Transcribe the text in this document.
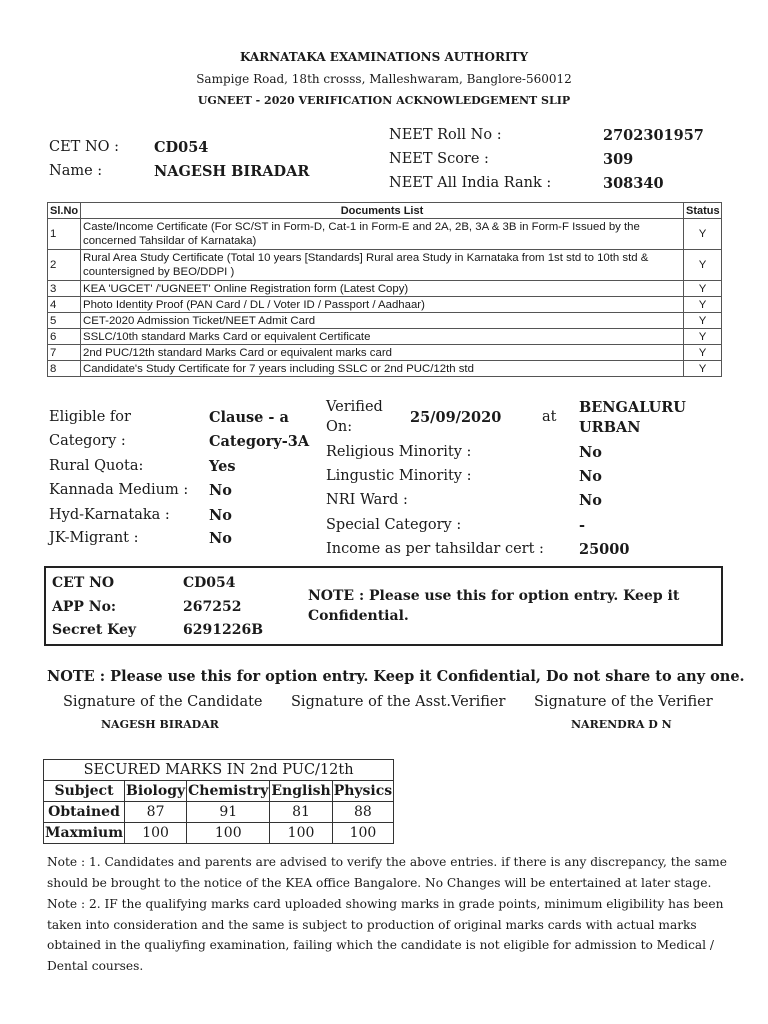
KARNATAKA EXAMINATIONS AUTHORITY
Sampige Road, 18th crosss, Malleshwaram, Banglore-560012
UGNEET - 2020 VERIFICATION ACKNOWLEDGEMENT SLIP
CET NO : CD054
Name :	NAGESH BIRADAR
NEET Roll No :	2702301957
NEET Score :	309
NEET All India Rank :	308340
Sl.No	Documents List	Status
1	Caste/Income Certificate (For SC/ST in Form-D, Cat-1 in Form-E and 2A, 2B, 3A & 3B in Form-F Issued by the concerned Tahsildar of Karnataka)	Y
2	Rural Area Study Certificate (Total 10 years [Standards] Rural area Study in Karnataka from 1st std to 10th std & countersigned by BEO/DDPI )	Y
3	KEA 'UGCET' /'UGNEET' Online Registration form (Latest Copy)	Y
4	Photo Identity Proof (PAN Card / DL / Voter ID / Passport / Aadhaar)	Y
5	CET-2020 Admission Ticket/NEET Admit Card	Y
6	SSLC/10th standard Marks Card or equivalent Certificate	Y
7	2nd PUC/12th standard Marks Card or equivalent marks card	Y
8	Candidate's Study Certificate for 7 years including SSLC or 2nd PUC/12th std	Y
Eligible for	Clause - a
Category :	Category-3A
Rural Quota:	Yes
Kannada Medium : No
Hyd-Karnataka :	No
JK-Migrant :	No
Verified
On:
25/09/2020	at
BENGALURU
URBAN
Religious Minority :	No
Lingustic Minority :	No
NRI Ward :	No
Special Category :	-
Income as per tahsildar cert : 25000
CET NO	CD054
APP No:	267252
Secret Key	6291226B
NOTE : Please use this for option entry. Keep it
Confidential.
NOTE : Please use this for option entry. Keep it Confidential, Do not share to any one.
Signature of the Candidate Signature of the Asst.Verifier Signature of the Verifier
NAGESH BIRADAR	NARENDRA D N
SECURED MARKS IN 2nd PUC/12th				
Subject	Biology	Chemistry	English	Physics
Obtained	87	91	81	88
Maxmium	100	100	100	100
Note : 1. Candidates and parents are advised to verify the above entries. if there is any discrepancy, the same should be brought to the notice of the KEA office Bangalore. No Changes will be entertained at later stage.
Note : 2. IF the qualifying marks card uploaded showing marks in grade points, minimum eligibility has been taken into consideration and the same is subject to production of original marks cards with actual marks obtained in the qualiyfing examination, failing which the candidate is not eligible for admission to Medical / Dental courses.
